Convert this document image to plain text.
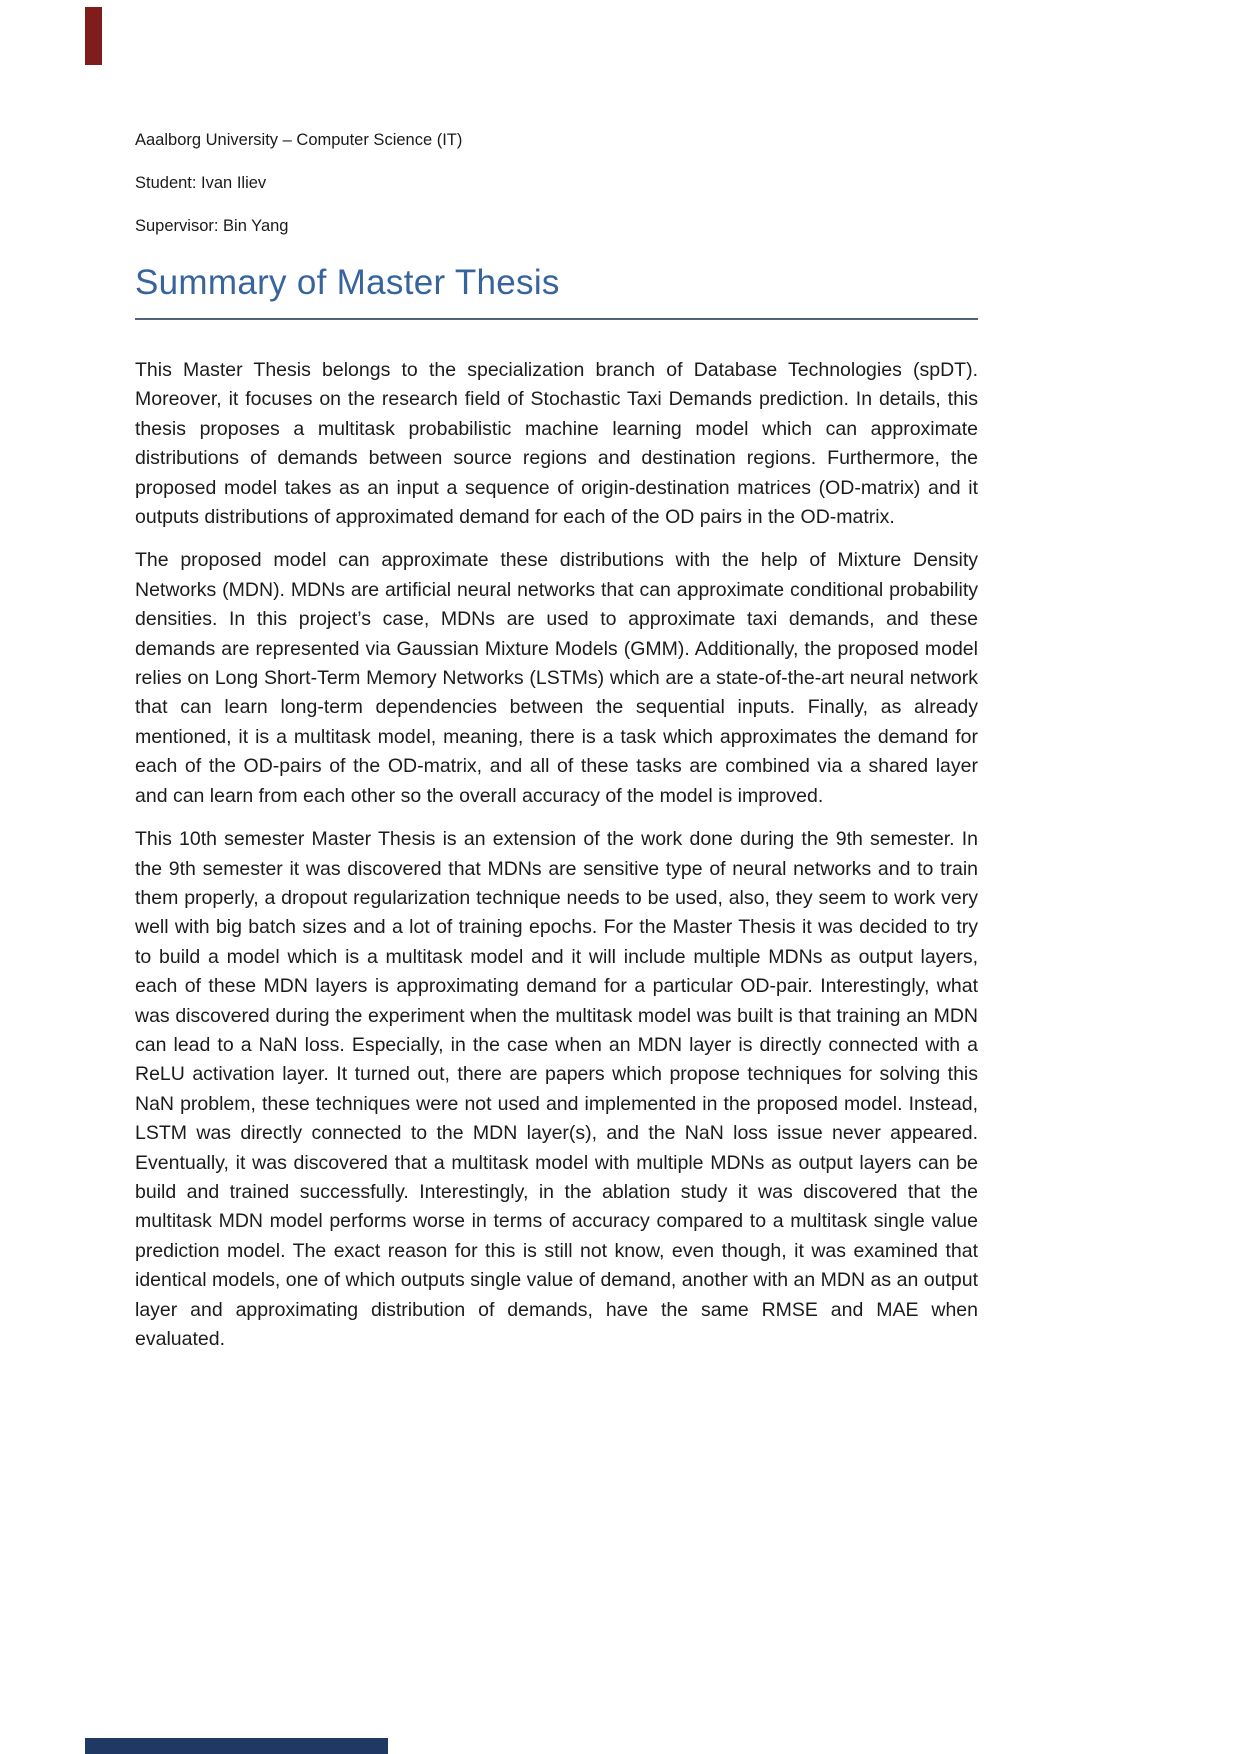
Aaalborg University – Computer Science (IT)

Student: Ivan Iliev

Supervisor: Bin Yang

Summary of Master Thesis

This Master Thesis belongs to the specialization branch of Database Technologies (spDT). Moreover, it focuses on the research field of Stochastic Taxi Demands prediction. In details, this thesis proposes a multitask probabilistic machine learning model which can approximate distributions of demands between source regions and destination regions. Furthermore, the proposed model takes as an input a sequence of origin-destination matrices (OD-matrix) and it outputs distributions of approximated demand for each of the OD pairs in the OD-matrix.

The proposed model can approximate these distributions with the help of Mixture Density Networks (MDN). MDNs are artificial neural networks that can approximate conditional probability densities. In this project’s case, MDNs are used to approximate taxi demands, and these demands are represented via Gaussian Mixture Models (GMM). Additionally, the proposed model relies on Long Short-Term Memory Networks (LSTMs) which are a state-of-the-art neural network that can learn long-term dependencies between the sequential inputs. Finally, as already mentioned, it is a multitask model, meaning, there is a task which approximates the demand for each of the OD-pairs of the OD-matrix, and all of these tasks are combined via a shared layer and can learn from each other so the overall accuracy of the model is improved.

This 10th semester Master Thesis is an extension of the work done during the 9th semester. In the 9th semester it was discovered that MDNs are sensitive type of neural networks and to train them properly, a dropout regularization technique needs to be used, also, they seem to work very well with big batch sizes and a lot of training epochs. For the Master Thesis it was decided to try to build a model which is a multitask model and it will include multiple MDNs as output layers, each of these MDN layers is approximating demand for a particular OD-pair. Interestingly, what was discovered during the experiment when the multitask model was built is that training an MDN can lead to a NaN loss. Especially, in the case when an MDN layer is directly connected with a ReLU activation layer. It turned out, there are papers which propose techniques for solving this NaN problem, these techniques were not used and implemented in the proposed model. Instead, LSTM was directly connected to the MDN layer(s), and the NaN loss issue never appeared. Eventually, it was discovered that a multitask model with multiple MDNs as output layers can be build and trained successfully. Interestingly, in the ablation study it was discovered that the multitask MDN model performs worse in terms of accuracy compared to a multitask single value prediction model. The exact reason for this is still not know, even though, it was examined that identical models, one of which outputs single value of demand, another with an MDN as an output layer and approximating distribution of demands, have the same RMSE and MAE when evaluated.
